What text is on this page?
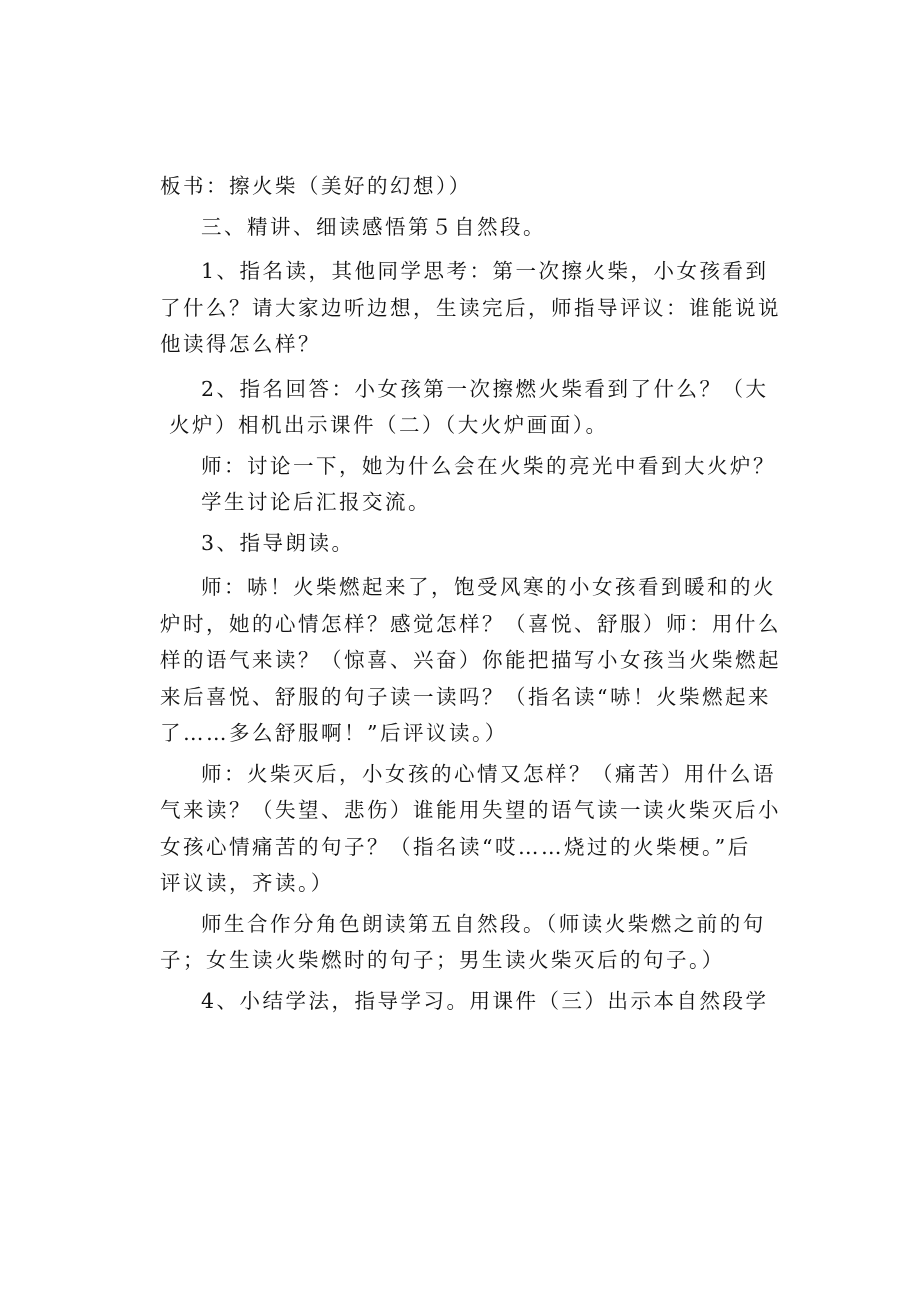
板书：擦火柴（美好的幻想））
三、精讲、细读感悟第５自然段。
1、指名读，其他同学思考：第一次擦火柴，小女孩看到
了什么？请大家边听边想，生读完后，师指导评议：谁能说说
他读得怎么样？
2、指名回答：小女孩第一次擦燃火柴看到了什么？（大
火炉）相机出示课件（二）（大火炉画面）。
师：讨论一下，她为什么会在火柴的亮光中看到大火炉？
学生讨论后汇报交流。
3、指导朗读。
师：哧！火柴燃起来了，饱受风寒的小女孩看到暖和的火
炉时，她的心情怎样？感觉怎样？（喜悦、舒服）师：用什么
样的语气来读？（惊喜、兴奋）你能把描写小女孩当火柴燃起
来后喜悦、舒服的句子读一读吗？（指名读“哧！火柴燃起来
了……多么舒服啊！”后评议读。）
师：火柴灭后，小女孩的心情又怎样？（痛苦）用什么语
气来读？（失望、悲伤）谁能用失望的语气读一读火柴灭后小
女孩心情痛苦的句子？（指名读“哎……烧过的火柴梗。”后
评议读，齐读。）
师生合作分角色朗读第五自然段。（师读火柴燃之前的句
子；女生读火柴燃时的句子；男生读火柴灭后的句子。）
4、小结学法，指导学习。用课件（三）出示本自然段学
